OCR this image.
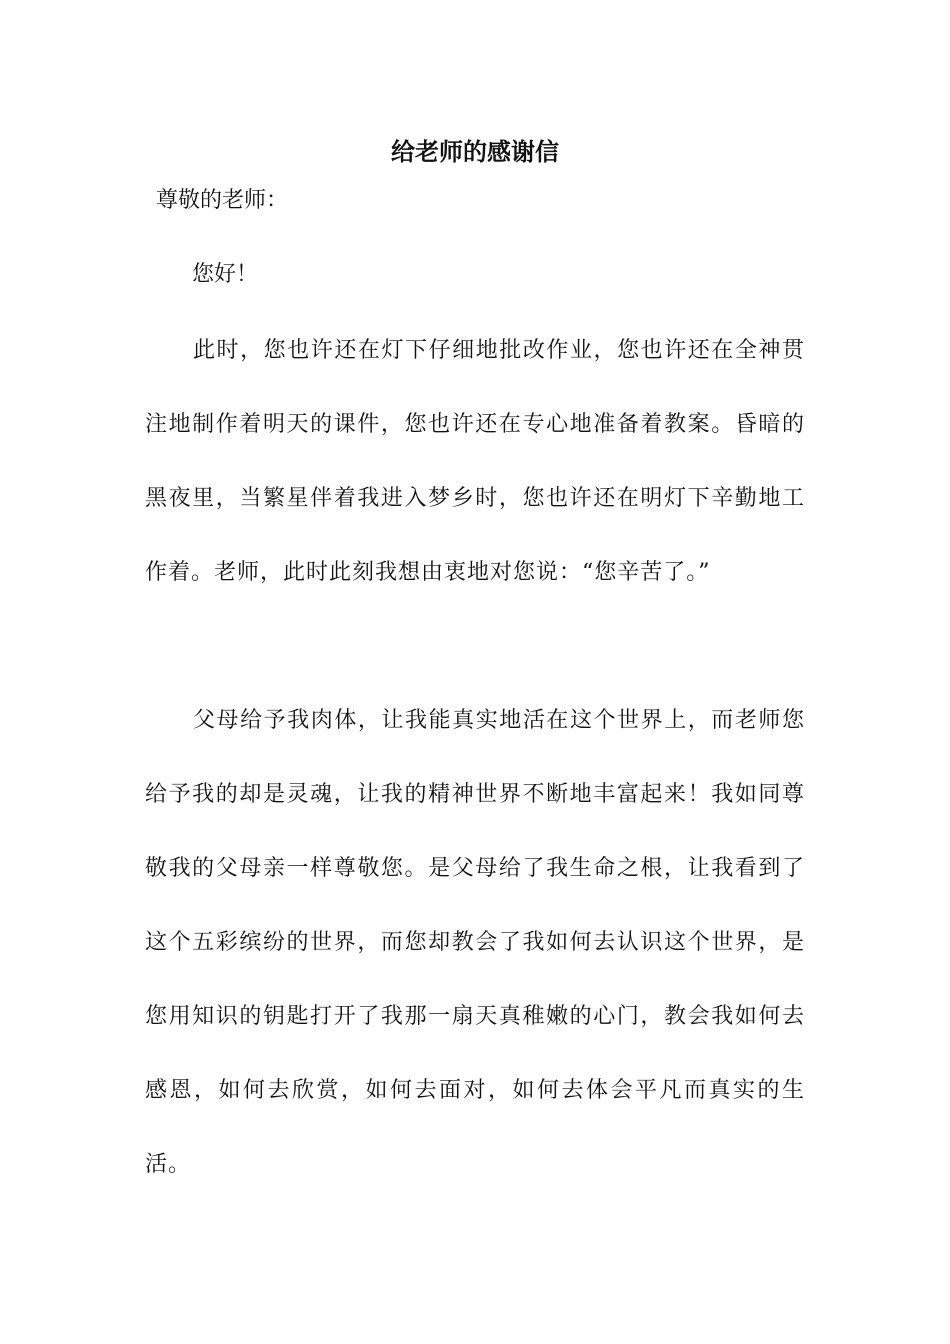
给老师的感谢信
尊敬的老师：
您好！

此时，您也许还在灯下仔细地批改作业，您也许还在全神贯注地制作着明天的课件，您也许还在专心地准备着教案。昏暗的黑夜里，当繁星伴着我进入梦乡时，您也许还在明灯下辛勤地工作着。老师，此时此刻我想由衷地对您说：“您辛苦了。”

父母给予我肉体，让我能真实地活在这个世界上，而老师您给予我的却是灵魂，让我的精神世界不断地丰富起来！我如同尊敬我的父母亲一样尊敬您。是父母给了我生命之根，让我看到了这个五彩缤纷的世界，而您却教会了我如何去认识这个世界，是您用知识的钥匙打开了我那一扇天真稚嫩的心门，教会我如何去感恩，如何去欣赏，如何去面对，如何去体会平凡而真实的生活。
